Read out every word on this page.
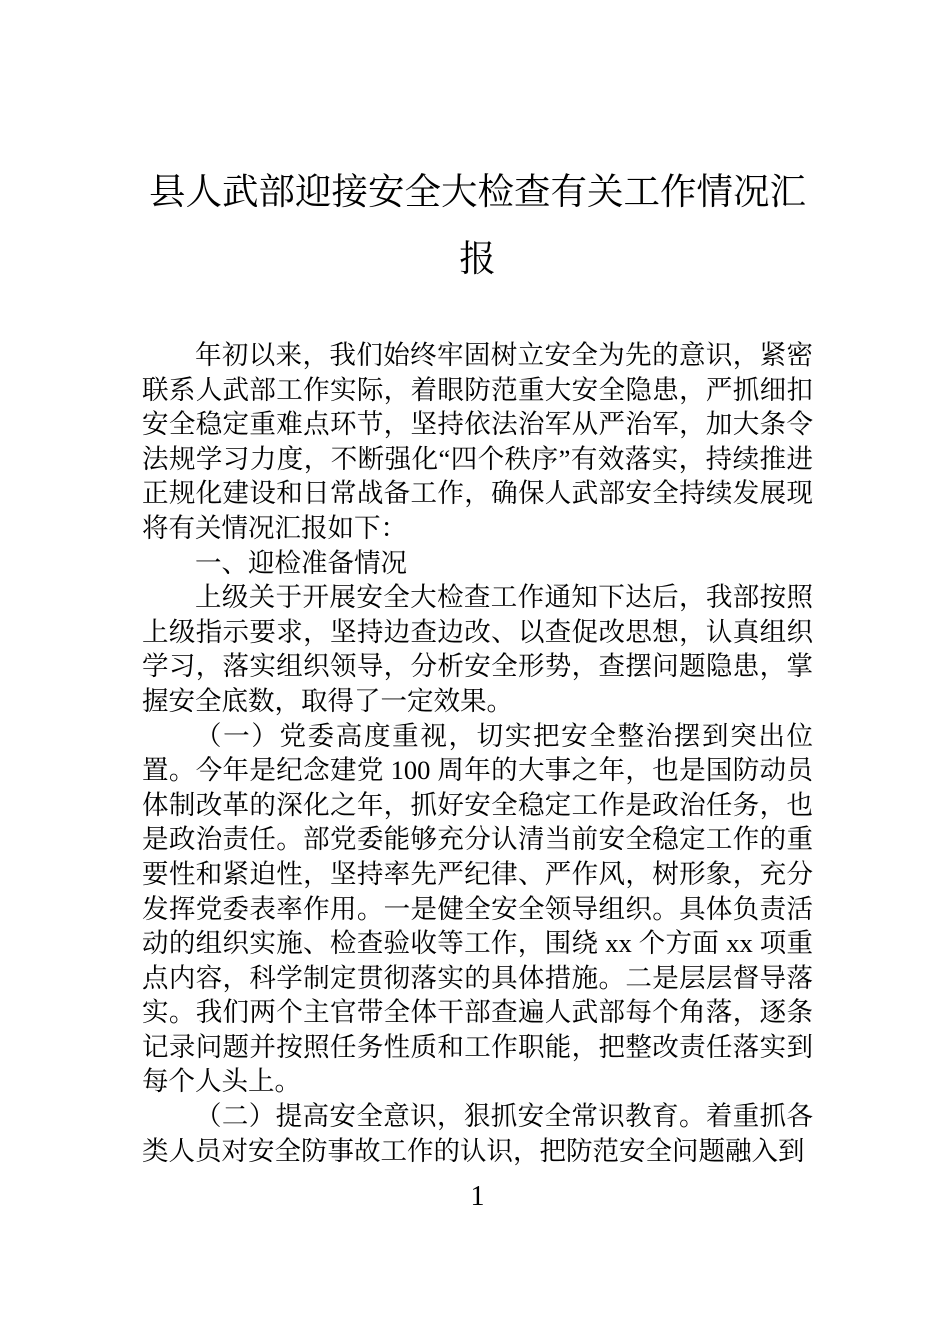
县人武部迎接安全大检查有关工作情况汇报

年初以来，我们始终牢固树立安全为先的意识，紧密联系人武部工作实际，着眼防范重大安全隐患，严抓细扣安全稳定重难点环节，坚持依法治军从严治军，加大条令法规学习力度，不断强化“四个秩序”有效落实，持续推进正规化建设和日常战备工作，确保人武部安全持续发展现将有关情况汇报如下：

一、迎检准备情况

上级关于开展安全大检查工作通知下达后，我部按照上级指示要求，坚持边查边改、以查促改思想，认真组织学习，落实组织领导，分析安全形势，查摆问题隐患，掌握安全底数，取得了一定效果。

（一）党委高度重视，切实把安全整治摆到突出位置。今年是纪念建党 100 周年的大事之年，也是国防动员体制改革的深化之年，抓好安全稳定工作是政治任务，也是政治责任。部党委能够充分认清当前安全稳定工作的重要性和紧迫性，坚持率先严纪律、严作风，树形象，充分发挥党委表率作用。一是健全安全领导组织。具体负责活动的组织实施、检查验收等工作，围绕 xx 个方面 xx 项重点内容，科学制定贯彻落实的具体措施。二是层层督导落实。我们两个主官带全体干部查遍人武部每个角落，逐条记录问题并按照任务性质和工作职能，把整改责任落实到每个人头上。

（二）提高安全意识，狠抓安全常识教育。着重抓各类人员对安全防事故工作的认识，把防范安全问题融入到

1
